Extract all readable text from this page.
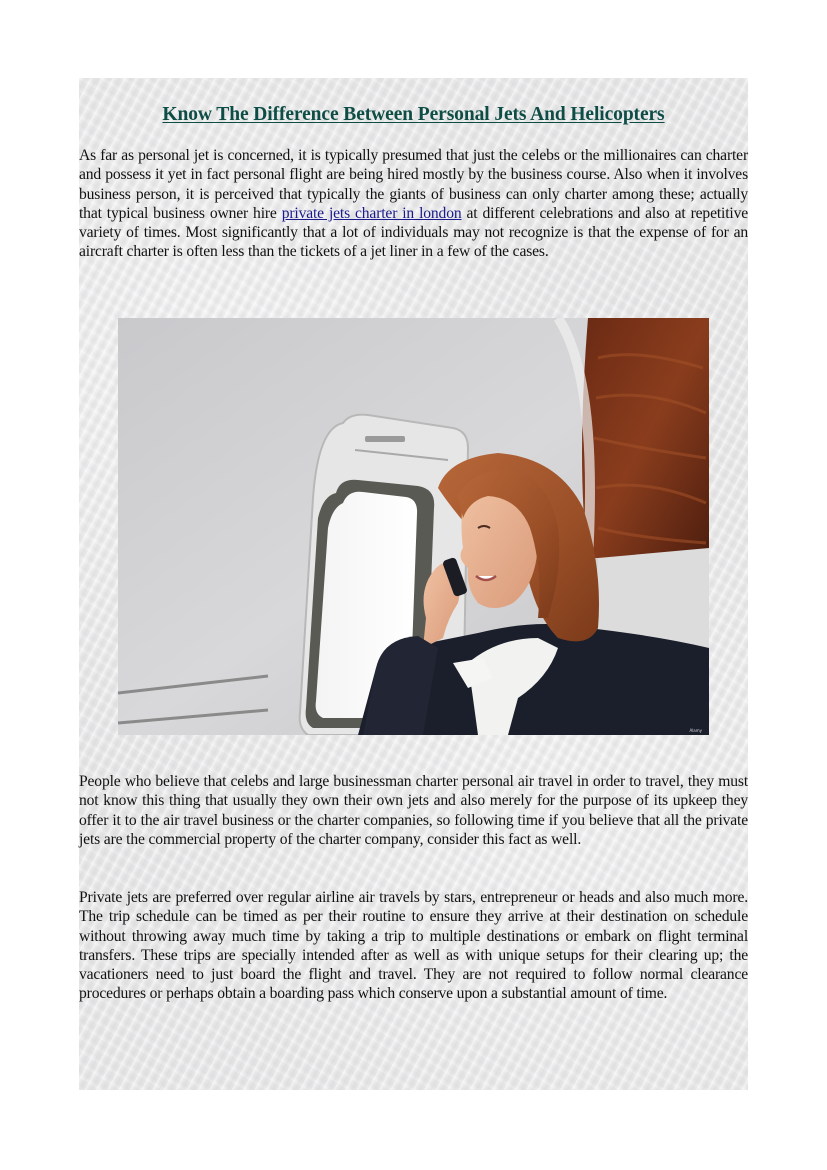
Know The Difference Between Personal Jets And Helicopters

As far as personal jet is concerned, it is typically presumed that just the celebs or the millionaires can charter and possess it yet in fact personal flight are being hired mostly by the business course. Also when it involves business person, it is perceived that typically the giants of business can only charter among these; actually that typical business owner hire private jets charter in london at different celebrations and also at repetitive variety of times. Most significantly that a lot of individuals may not recognize is that the expense of for an aircraft charter is often less than the tickets of a jet liner in a few of the cases.

Alamy

People who believe that celebs and large businessman charter personal air travel in order to travel, they must not know this thing that usually they own their own jets and also merely for the purpose of its upkeep they offer it to the air travel business or the charter companies, so following time if you believe that all the private jets are the commercial property of the charter company, consider this fact as well.

Private jets are preferred over regular airline air travels by stars, entrepreneur or heads and also much more. The trip schedule can be timed as per their routine to ensure they arrive at their destination on schedule without throwing away much time by taking a trip to multiple destinations or embark on flight terminal transfers. These trips are specially intended after as well as with unique setups for their clearing up; the vacationers need to just board the flight and travel. They are not required to follow normal clearance procedures or perhaps obtain a boarding pass which conserve upon a substantial amount of time.
